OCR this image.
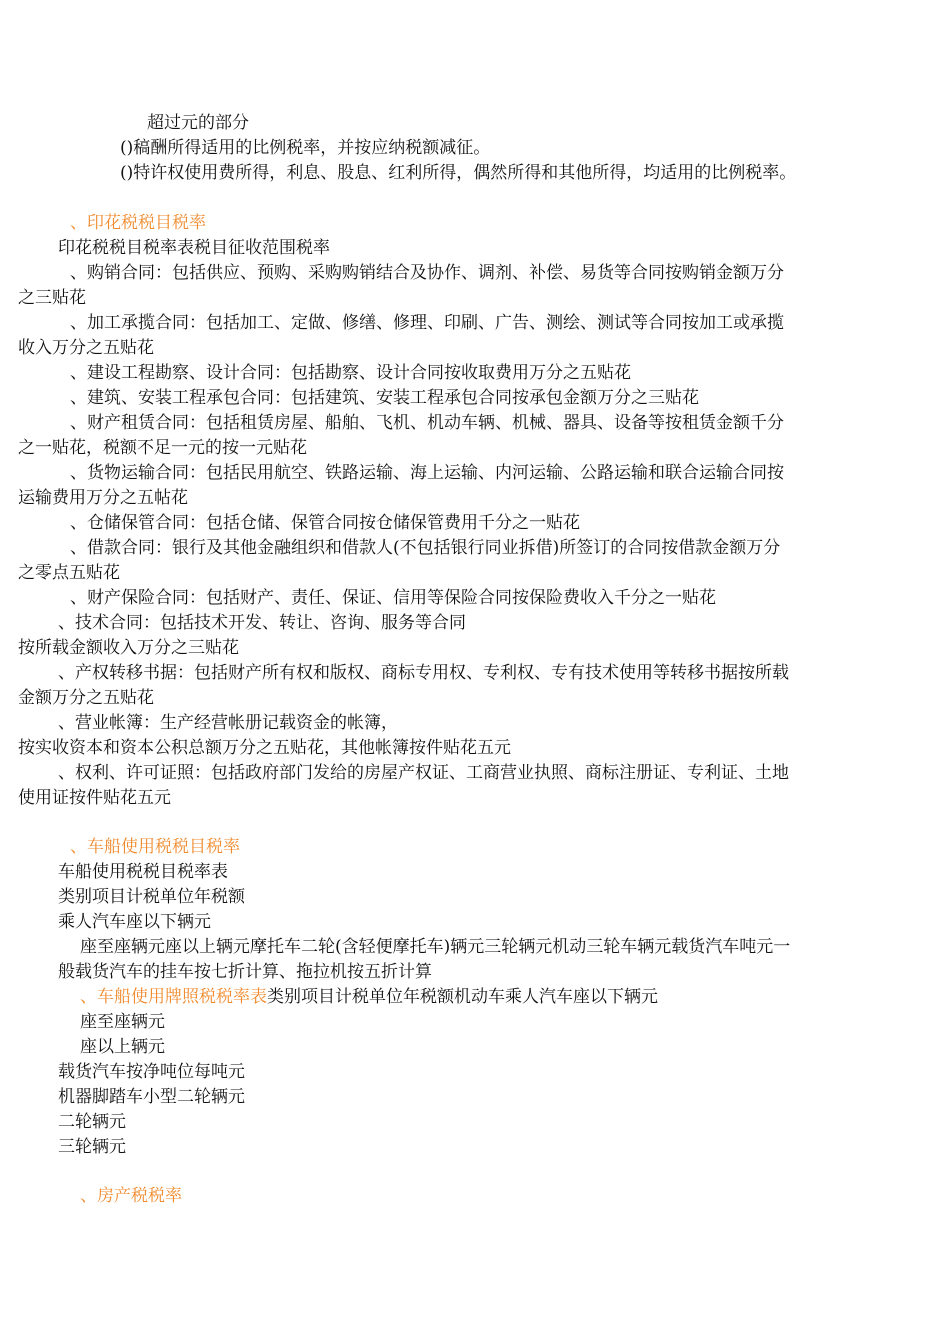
超过元的部分
()稿酬所得适用的比例税率，并按应纳税额减征。
()特许权使用费所得，利息、股息、红利所得，偶然所得和其他所得，均适用的比例税率。
、印花税税目税率
印花税税目税率表税目征收范围税率
、购销合同：包括供应、预购、采购购销结合及协作、调剂、补偿、易货等合同按购销金额万分
之三贴花
、加工承揽合同：包括加工、定做、修缮、修理、印刷、广告、测绘、测试等合同按加工或承揽
收入万分之五贴花
、建设工程勘察、设计合同：包括勘察、设计合同按收取费用万分之五贴花
、建筑、安装工程承包合同：包括建筑、安装工程承包合同按承包金额万分之三贴花
、财产租赁合同：包括租赁房屋、船舶、飞机、机动车辆、机械、器具、设备等按租赁金额千分
之一贴花，税额不足一元的按一元贴花
、货物运输合同：包括民用航空、铁路运输、海上运输、内河运输、公路运输和联合运输合同按
运输费用万分之五帖花
、仓储保管合同：包括仓储、保管合同按仓储保管费用千分之一贴花
、借款合同：银行及其他金融组织和借款人(不包括银行同业拆借)所签订的合同按借款金额万分
之零点五贴花
、财产保险合同：包括财产、责任、保证、信用等保险合同按保险费收入千分之一贴花
、技术合同：包括技术开发、转让、咨询、服务等合同
按所载金额收入万分之三贴花
、产权转移书据：包括财产所有权和版权、商标专用权、专利权、专有技术使用等转移书据按所载
金额万分之五贴花
、营业帐簿：生产经营帐册记载资金的帐簿，
按实收资本和资本公积总额万分之五贴花，其他帐簿按件贴花五元
、权利、许可证照：包括政府部门发给的房屋产权证、工商营业执照、商标注册证、专利证、土地
使用证按件贴花五元
、车船使用税税目税率
车船使用税税目税率表
类别项目计税单位年税额
乘人汽车座以下辆元
座至座辆元座以上辆元摩托车二轮(含轻便摩托车)辆元三轮辆元机动三轮车辆元载货汽车吨元一
般载货汽车的挂车按七折计算、拖拉机按五折计算
、车船使用牌照税税率表类别项目计税单位年税额机动车乘人汽车座以下辆元
座至座辆元
座以上辆元
载货汽车按净吨位每吨元
机器脚踏车小型二轮辆元
二轮辆元
三轮辆元
、房产税税率
